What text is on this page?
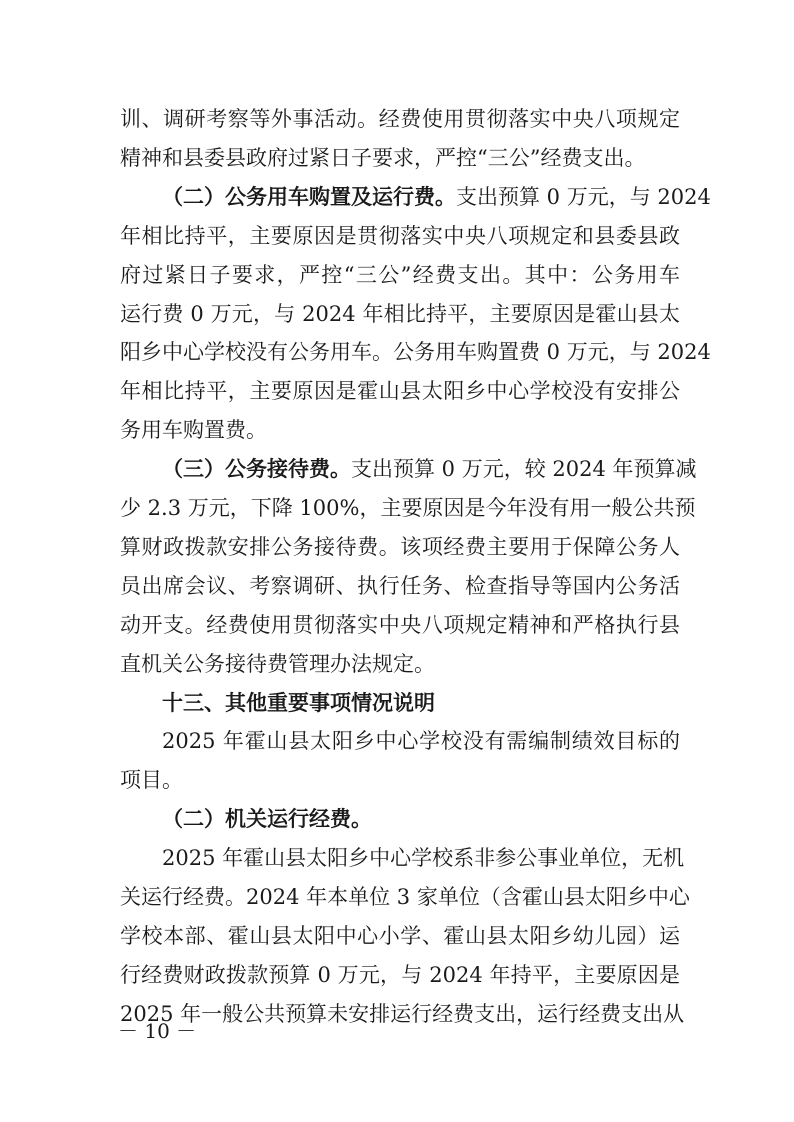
训、调研考察等外事活动。经费使用贯彻落实中央八项规定
精神和县委县政府过紧日子要求，严控“三公”经费支出。
（二）公务用车购置及运行费。支出预算 0 万元，与 2024
年相比持平，主要原因是贯彻落实中央八项规定和县委县政
府过紧日子要求，严控“三公”经费支出。其中：公务用车
运行费 0 万元，与 2024 年相比持平，主要原因是霍山县太
阳乡中心学校没有公务用车。公务用车购置费 0 万元，与 2024
年相比持平，主要原因是霍山县太阳乡中心学校没有安排公
务用车购置费。
（三）公务接待费。支出预算 0 万元，较 2024 年预算减
少 2.3 万元，下降 100%，主要原因是今年没有用一般公共预
算财政拨款安排公务接待费。该项经费主要用于保障公务人
员出席会议、考察调研、执行任务、检查指导等国内公务活
动开支。经费使用贯彻落实中央八项规定精神和严格执行县
直机关公务接待费管理办法规定。
十三、其他重要事项情况说明
2025 年霍山县太阳乡中心学校没有需编制绩效目标的
项目。
（二）机关运行经费。
2025 年霍山县太阳乡中心学校系非参公事业单位，无机
关运行经费。2024 年本单位 3 家单位（含霍山县太阳乡中心
学校本部、霍山县太阳中心小学、霍山县太阳乡幼儿园）运
行经费财政拨款预算 0 万元，与 2024 年持平，主要原因是
2025 年一般公共预算未安排运行经费支出，运行经费支出从
－ 10 －
